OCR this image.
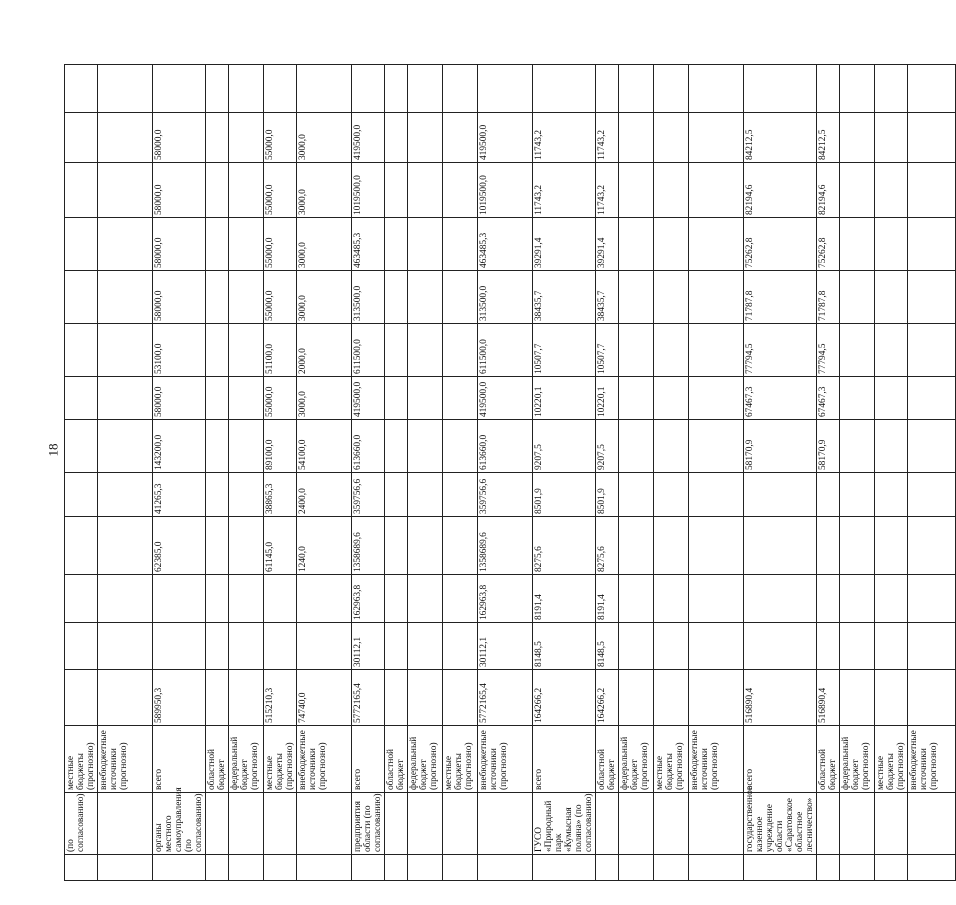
18
	(по согласованию)	местные бюджеты (прогнозно)													
		внебюджетные источники (прогнозно)													
	органы местного самоуправления (по согласованию)	всего	589950,3			62385,0	41265,3	143200,0	58000,0	53100,0	58000,0	58000,0	58000,0	58000,0	
		областной бюджет													
		федеральный бюджет (прогнозно)													
		местные бюджеты (прогнозно)	515210,3			61145,0	38865,3	89100,0	55000,0	51100,0	55000,0	55000,0	55000,0	55000,0	
		внебюджетные источники (прогнозно)	74740,0			1240,0	2400,0	54100,0	3000,0	2000,0	3000,0	3000,0	3000,0	3000,0	
	предприятия области (по согласованию)	всего	5772165,4	30112,1	162963,8	1358689,6	359756,6	613660,0	419500,0	611500,0	313500,0	463485,3	1019500,0	419500,0	
		областной бюджет													
		федеральный бюджет (прогнозно)													
		местные бюджеты (прогнозно)													
		внебюджетные источники (прогнозно)	5772165,4	30112,1	162963,8	1358689,6	359756,6	613660,0	419500,0	611500,0	313500,0	463485,3	1019500,0	419500,0	
	ГУСО «Природный парк «Кумысная поляна» (по согласованию)	всего	164266,2	8148,5	8191,4	8275,6	8501,9	9207,5	10220,1	10507,7	38435,7	39291,4	11743,2	11743,2	
		областной бюджет	164266,2	8148,5	8191,4	8275,6	8501,9	9207,5	10220,1	10507,7	38435,7	39291,4	11743,2	11743,2	
		федеральный бюджет (прогнозно)													
		местные бюджеты (прогнозно)													
		внебюджетные источники (прогнозно)													
	государственное казенное учреждение области «Саратовское областное лесничество»	всего	516890,4					58170,9	67467,3	77794,5	71787,8	75262,8	82194,6	84212,5	
		областной бюджет	516890,4					58170,9	67467,3	77794,5	71787,8	75262,8	82194,6	84212,5	
		федеральный бюджет (прогнозно)													
		местные бюджеты (прогнозно)													
		внебюджетные источники (прогнозно)													
